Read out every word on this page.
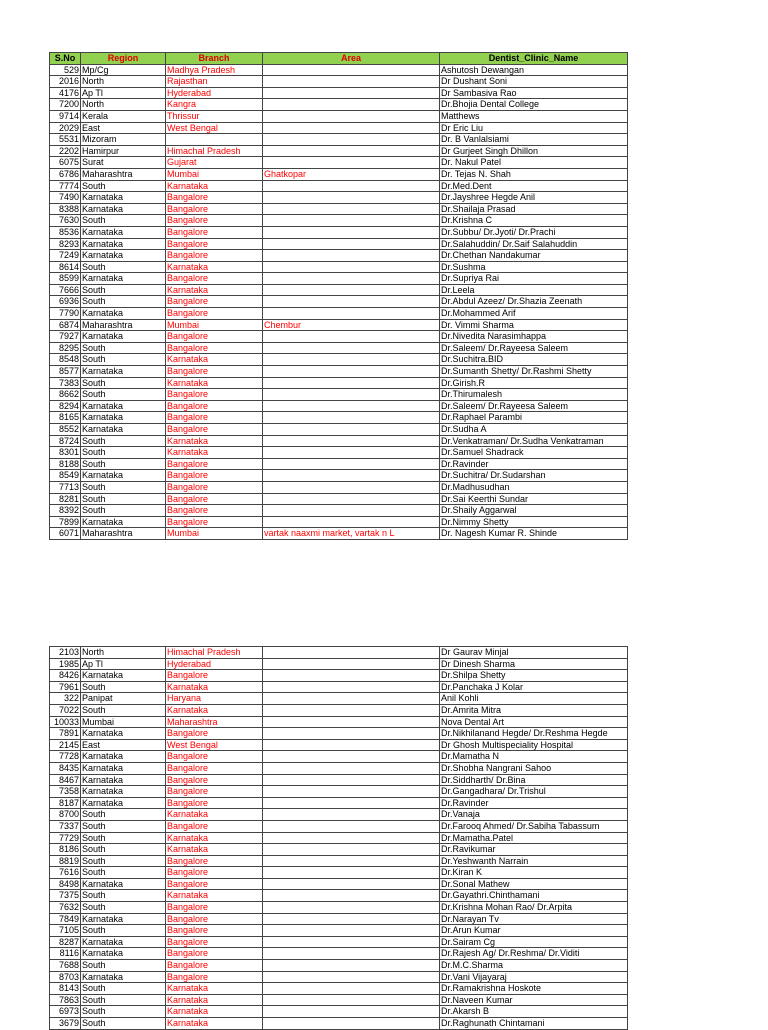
S.No	Region	Branch	Area	Dentist_Clinic_Name
529	Mp/Cg	Madhya Pradesh		Ashutosh Dewangan
2016	North	Rajasthan		Dr Dushant Soni
4176	Ap Tl	Hyderabad		Dr Sambasiva Rao
7200	North	Kangra		Dr.Bhojia Dental College
9714	Kerala	Thrissur		Matthews
2029	East	West Bengal		Dr Eric Liu
5531	Mizoram			Dr. B Vanlalsiami
2202	Hamirpur	Himachal Pradesh		Dr Gurjeet Singh Dhillon
6075	Surat	Gujarat		Dr. Nakul Patel
6786	Maharashtra	Mumbai	Ghatkopar	Dr. Tejas N. Shah
7774	South	Karnataka		Dr.Med.Dent
7490	Karnataka	Bangalore		Dr.Jayshree Hegde Anil
8388	Karnataka	Bangalore		Dr.Shailaja Prasad
7630	South	Bangalore		Dr.Krishna C
8536	Karnataka	Bangalore		Dr.Subbu/ Dr.Jyoti/ Dr.Prachi
8293	Karnataka	Bangalore		Dr.Salahuddin/ Dr.Saif Salahuddin
7249	Karnataka	Bangalore		Dr.Chethan Nandakumar
8614	South	Karnataka		Dr.Sushma
8599	Karnataka	Bangalore		Dr.Supriya Rai
7666	South	Karnataka		Dr.Leela
6936	South	Bangalore		Dr.Abdul Azeez/ Dr.Shazia Zeenath
7790	Karnataka	Bangalore		Dr.Mohammed Arif
6874	Maharashtra	Mumbai	Chembur	Dr. Vimmi Sharma
7927	Karnataka	Bangalore		Dr.Nivedita Narasimhappa
8295	South	Bangalore		Dr.Saleem/ Dr.Rayeesa Saleem
8548	South	Karnataka		Dr.Suchitra.BID
8577	Karnataka	Bangalore		Dr.Sumanth Shetty/ Dr.Rashmi Shetty
7383	South	Karnataka		Dr.Girish.R
8662	South	Bangalore		Dr.Thirumalesh
8294	Karnataka	Bangalore		Dr.Saleem/ Dr.Rayeesa Saleem
8165	Karnataka	Bangalore		Dr.Raphael Parambi
8552	Karnataka	Bangalore		Dr.Sudha A
8724	South	Karnataka		Dr.Venkatraman/ Dr.Sudha Venkatraman
8301	South	Karnataka		Dr.Samuel Shadrack
8188	South	Bangalore		Dr.Ravinder
8549	Karnataka	Bangalore		Dr.Suchitra/ Dr.Sudarshan
7713	South	Bangalore		Dr.Madhusudhan
8281	South	Bangalore		Dr.Sai Keerthi Sundar
8392	South	Bangalore		Dr.Shaily Aggarwal
7899	Karnataka	Bangalore		Dr.Nimmy Shetty
6071	Maharashtra	Mumbai	vartak naaxmi market, vartak n L	Dr. Nagesh Kumar R. Shinde
2103	North	Himachal Pradesh		Dr Gaurav Minjal
1985	Ap Tl	Hyderabad		Dr Dinesh Sharma
8426	Karnataka	Bangalore		Dr.Shilpa Shetty
7961	South	Karnataka		Dr.Panchaka J Kolar
322	Panipat	Haryana		Anil Kohli
7022	South	Karnataka		Dr.Amrita Mitra
10033	Mumbai	Maharashtra		Nova Dental Art
7891	Karnataka	Bangalore		Dr.Nikhilanand Hegde/ Dr.Reshma Hegde
2145	East	West Bengal		Dr Ghosh Multispeciality Hospital
7728	Karnataka	Bangalore		Dr.Mamatha N
8435	Karnataka	Bangalore		Dr.Shobha Nangrani Sahoo
8467	Karnataka	Bangalore		Dr.Siddharth/ Dr.Bina
7358	Karnataka	Bangalore		Dr.Gangadhara/ Dr.Trishul
8187	Karnataka	Bangalore		Dr.Ravinder
8700	South	Karnataka		Dr.Vanaja
7337	South	Bangalore		Dr.Farooq Ahmed/ Dr.Sabiha Tabassum
7729	South	Karnataka		Dr.Mamatha.Patel
8186	South	Karnataka		Dr.Ravikumar
8819	South	Bangalore		Dr.Yeshwanth Narrain
7616	South	Bangalore		Dr.Kiran K
8498	Karnataka	Bangalore		Dr.Sonal Mathew
7375	South	Karnataka		Dr.Gayathri.Chinthamani
7632	South	Bangalore		Dr.Krishna Mohan Rao/ Dr.Arpita
7849	Karnataka	Bangalore		Dr.Narayan Tv
7105	South	Bangalore		Dr.Arun Kumar
8287	Karnataka	Bangalore		Dr.Sairam Cg
8116	Karnataka	Bangalore		Dr.Rajesh Ag/ Dr.Reshma/ Dr.Viditi
7688	South	Bangalore		Dr.M.C.Sharma
8703	Karnataka	Bangalore		Dr.Vani Vijayaraj
8143	South	Karnataka		Dr.Ramakrishna Hoskote
7863	South	Karnataka		Dr.Naveen Kumar
6973	South	Karnataka		Dr.Akarsh B
3679	South	Karnataka		Dr.Raghunath Chintamani
